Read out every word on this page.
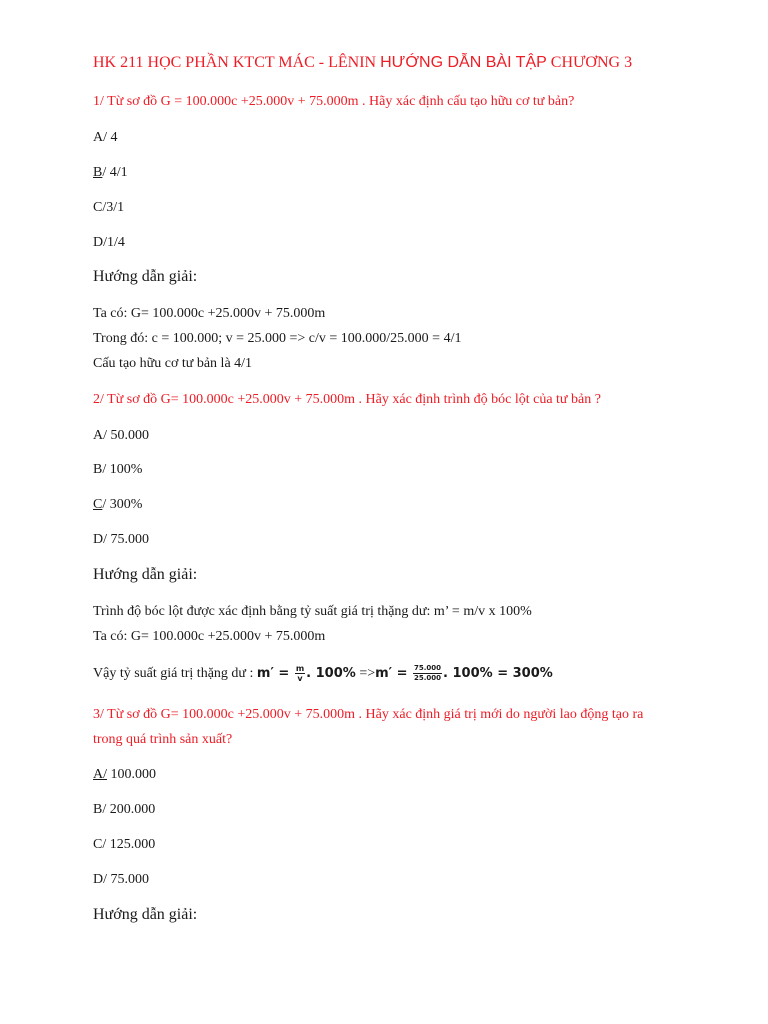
HK 211 HỌC PHẦN KTCT MÁC - LÊNIN HƯỚNG DẪN BÀI TẬP CHƯƠNG 3
1/ Từ sơ đồ G = 100.000c +25.000v + 75.000m . Hãy xác định cấu tạo hữu cơ tư bản?
A/ 4
B/ 4/1
C/3/1
D/1/4
Hướng dẫn giải:
Ta có: G= 100.000c +25.000v + 75.000m
Trong đó: c = 100.000; v = 25.000 => c/v = 100.000/25.000 = 4/1
Cấu tạo hữu cơ tư bản là 4/1
2/ Từ sơ đồ G= 100.000c +25.000v + 75.000m . Hãy xác định trình độ bóc lột của tư bản ?
A/ 50.000
B/ 100%
C/ 300%
D/ 75.000
Hướng dẫn giải:
Trình độ bóc lột được xác định bằng tỷ suất giá trị thặng dư: m’ = m/v x 100%
Ta có: G= 100.000c +25.000v + 75.000m
Vậy tỷ suất giá trị thặng dư : $m' = \frac{m}{v}$ . $100\% =>m' = \frac{75.000}{25.000}$ . 100% = 300%
3/ Từ sơ đồ G= 100.000c +25.000v + 75.000m . Hãy xác định giá trị mới do người lao động tạo ra
trong quá trình sản xuất?
A/ 100.000
B/ 200.000
C/ 125.000
D/ 75.000
Hướng dẫn giải:
